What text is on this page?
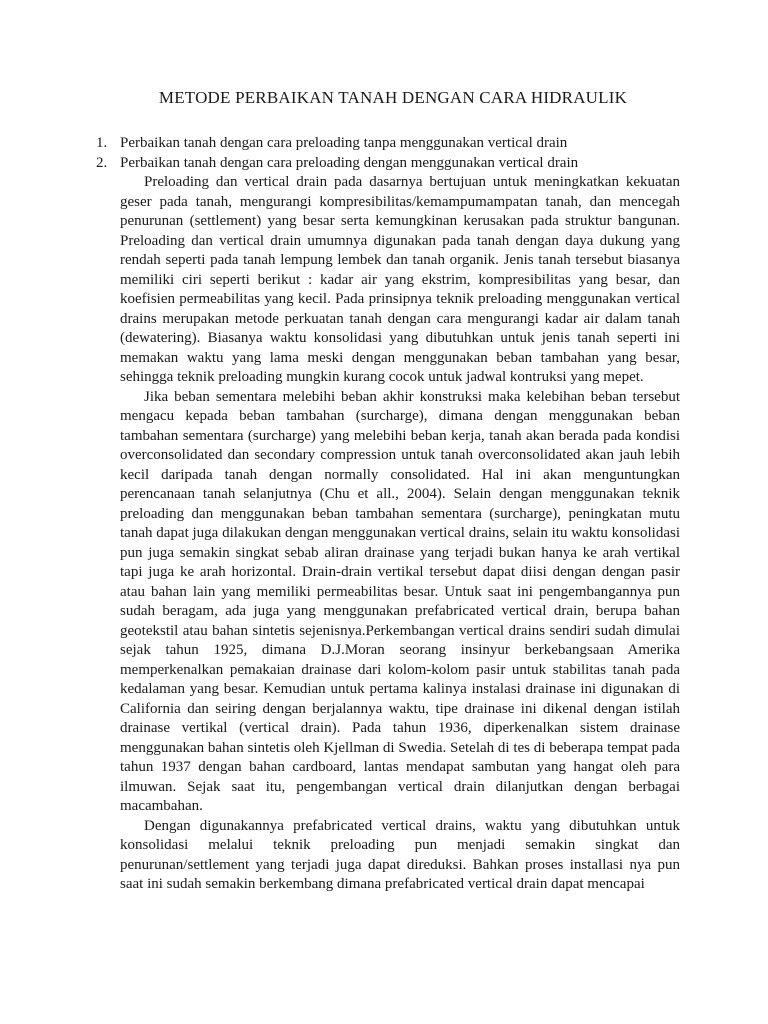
METODE PERBAIKAN TANAH DENGAN CARA HIDRAULIK
1. Perbaikan tanah dengan cara preloading tanpa menggunakan vertical drain
2. Perbaikan tanah dengan cara preloading dengan menggunakan vertical drain

Preloading dan vertical drain pada dasarnya bertujuan untuk meningkatkan kekuatan geser pada tanah, mengurangi kompresibilitas/kemampumampatan tanah, dan mencegah penurunan (settlement) yang besar serta kemungkinan kerusakan pada struktur bangunan. Preloading dan vertical drain umumnya digunakan pada tanah dengan daya dukung yang rendah seperti pada tanah lempung lembek dan tanah organik. Jenis tanah tersebut biasanya memiliki ciri seperti berikut : kadar air yang ekstrim, kompresibilitas yang besar, dan koefisien permeabilitas yang kecil. Pada prinsipnya teknik preloading menggunakan vertical drains merupakan metode perkuatan tanah dengan cara mengurangi kadar air dalam tanah (dewatering). Biasanya waktu konsolidasi yang dibutuhkan untuk jenis tanah seperti ini memakan waktu yang lama meski dengan menggunakan beban tambahan yang besar, sehingga teknik preloading mungkin kurang cocok untuk jadwal kontruksi yang mepet.

Jika beban sementara melebihi beban akhir konstruksi maka kelebihan beban tersebut mengacu kepada beban tambahan (surcharge), dimana dengan menggunakan beban tambahan sementara (surcharge) yang melebihi beban kerja, tanah akan berada pada kondisi overconsolidated dan secondary compression untuk tanah overconsolidated akan jauh lebih kecil daripada tanah dengan normally consolidated. Hal ini akan menguntungkan perencanaan tanah selanjutnya (Chu et all., 2004). Selain dengan menggunakan teknik preloading dan menggunakan beban tambahan sementara (surcharge), peningkatan mutu tanah dapat juga dilakukan dengan menggunakan vertical drains, selain itu waktu konsolidasi pun juga semakin singkat sebab aliran drainase yang terjadi bukan hanya ke arah vertikal tapi juga ke arah horizontal. Drain-drain vertikal tersebut dapat diisi dengan dengan pasir atau bahan lain yang memiliki permeabilitas besar. Untuk saat ini pengembangannya pun sudah beragam, ada juga yang menggunakan prefabricated vertical drain, berupa bahan geotekstil atau bahan sintetis sejenisnya.Perkembangan vertical drains sendiri sudah dimulai sejak tahun 1925, dimana D.J.Moran seorang insinyur berkebangsaan Amerika memperkenalkan pemakaian drainase dari kolom-kolom pasir untuk stabilitas tanah pada kedalaman yang besar. Kemudian untuk pertama kalinya instalasi drainase ini digunakan di California dan seiring dengan berjalannya waktu, tipe drainase ini dikenal dengan istilah drainase vertikal (vertical drain). Pada tahun 1936, diperkenalkan sistem drainase menggunakan bahan sintetis oleh Kjellman di Swedia. Setelah di tes di beberapa tempat pada tahun 1937 dengan bahan cardboard, lantas mendapat sambutan yang hangat oleh para ilmuwan. Sejak saat itu, pengembangan vertical drain dilanjutkan dengan berbagai macambahan.

Dengan digunakannya prefabricated vertical drains, waktu yang dibutuhkan untuk konsolidasi melalui teknik preloading pun menjadi semakin singkat dan penurunan/settlement yang terjadi juga dapat direduksi. Bahkan proses installasi nya pun saat ini sudah semakin berkembang dimana prefabricated vertical drain dapat mencapai
